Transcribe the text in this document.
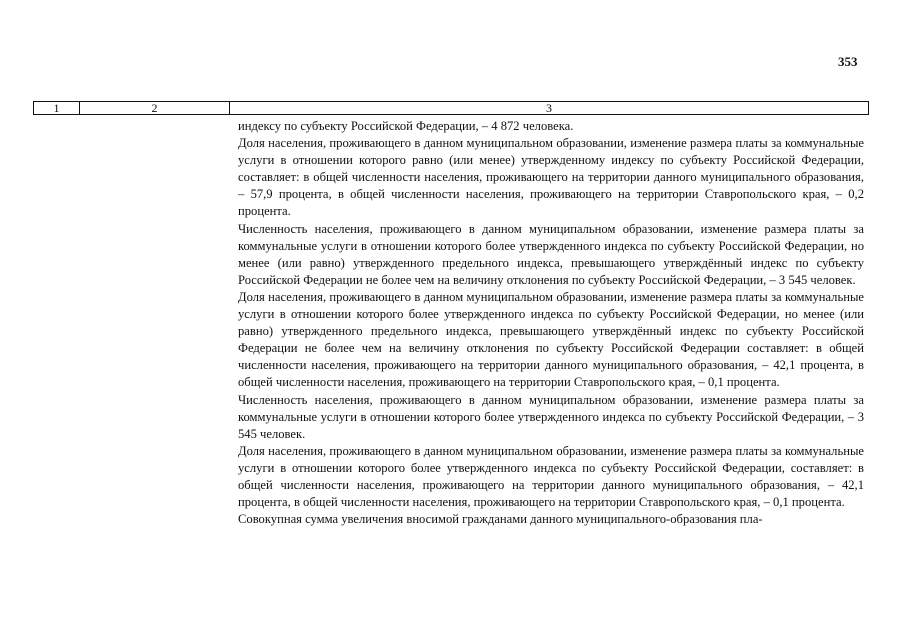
353
1	2	3

индексу по субъекту Российской Федерации, – 4 872 человека.

Доля населения, проживающего в данном муниципальном образовании, изменение размера платы за коммунальные услуги в отношении которого равно (или менее) утвержденному индексу по субъекту Российской Федерации, составляет: в общей численности населения, проживающего на территории данного муниципального образования, – 57,9 процента, в общей численности населения, проживающего на территории Ставропольского края, – 0,2 процента.

Численность населения, проживающего в данном муниципальном образовании, изменение размера платы за коммунальные услуги в отношении которого более утвержденного индекса по субъекту Российской Федерации, но менее (или равно) утвержденного предельного индекса, превышающего утверждённый индекс по субъекту Российской Федерации не более чем на величину отклонения по субъекту Российской Федерации, – 3 545 человек.

Доля населения, проживающего в данном муниципальном образовании, изменение размера платы за коммунальные услуги в отношении которого более утвержденного индекса по субъекту Российской Федерации, но менее (или равно) утвержденного предельного индекса, превышающего утверждённый индекс по субъекту Российской Федерации не более чем на величину отклонения по субъекту Российской Федерации составляет: в общей численности населения, проживающего на территории данного муниципального образования, – 42,1 процента, в общей численности населения, проживающего на территории Ставропольского края, – 0,1 процента.

Численность населения, проживающего в данном муниципальном образовании, изменение размера платы за коммунальные услуги в отношении которого более утвержденного индекса по субъекту Российской Федерации, – 3 545 человек.

Доля населения, проживающего в данном муниципальном образовании, изменение размера платы за коммунальные услуги в отношении которого более утвержденного индекса по субъекту Российской Федерации, составляет: в общей численности населения, проживающего на территории данного муниципального образования, – 42,1 процента, в общей численности населения, проживающего на территории Ставропольского края, – 0,1 процента.

Совокупная сумма увеличения вносимой гражданами данного муниципального-образования пла-
